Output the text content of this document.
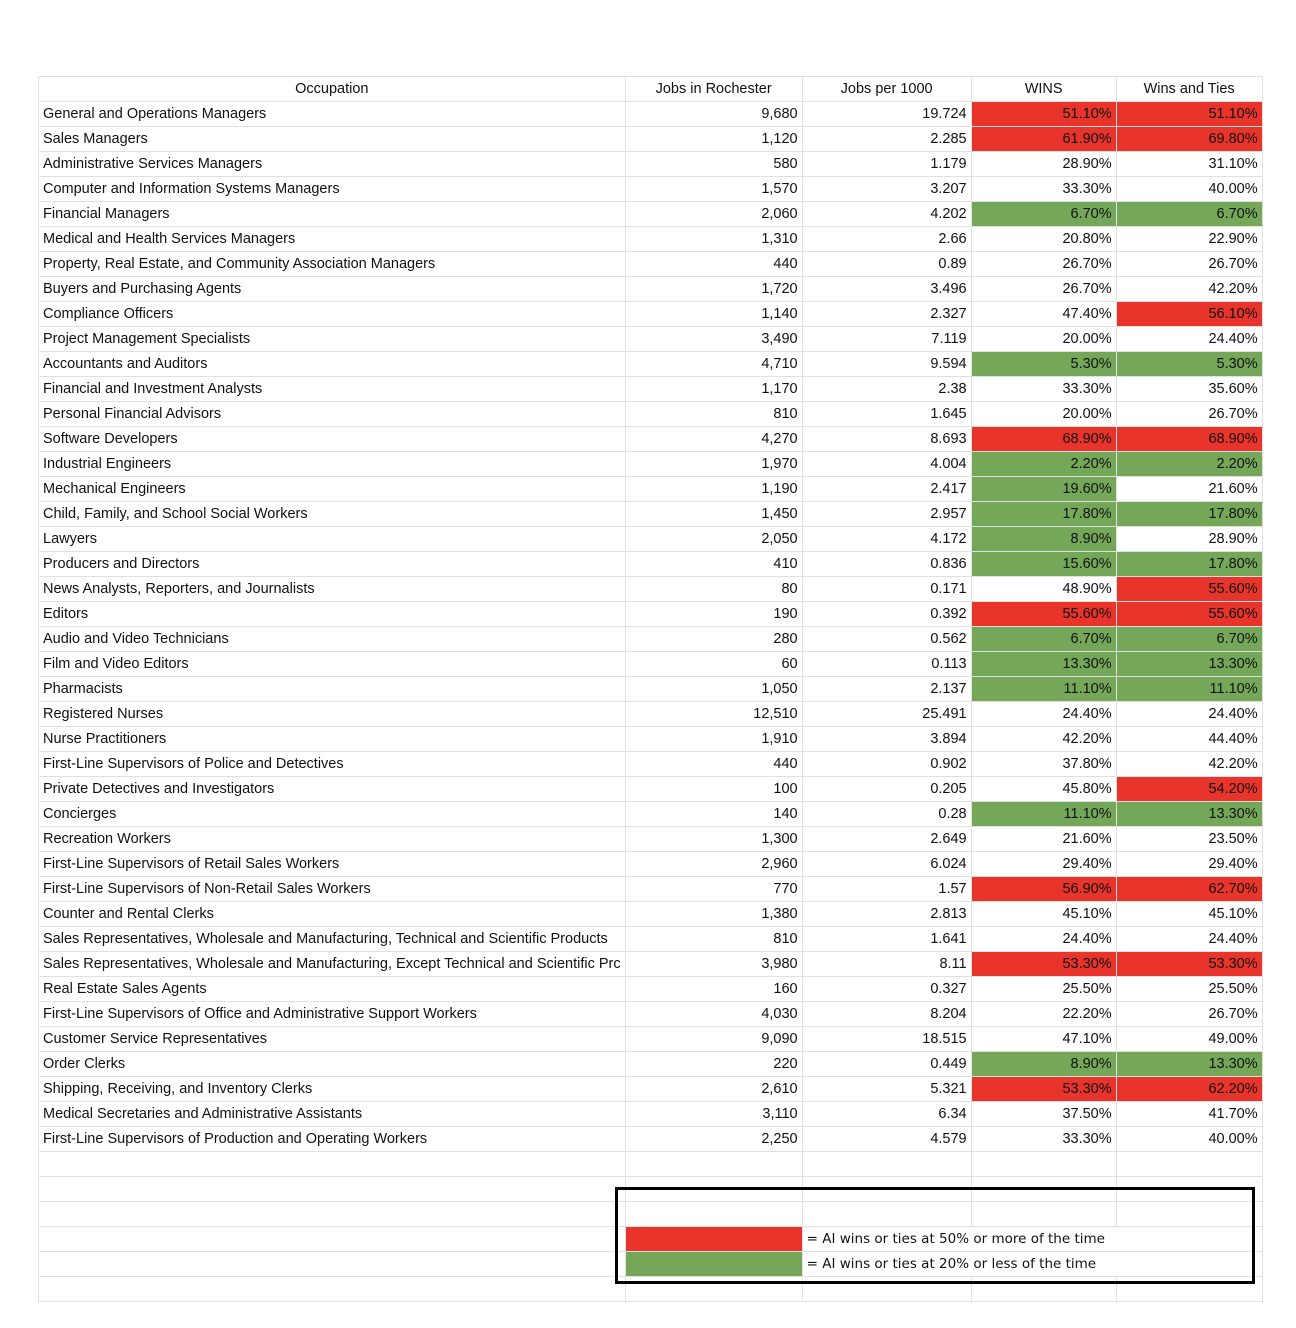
Occupation	Jobs in Rochester	Jobs per 1000	WINS	Wins and Ties
General and Operations Managers	9,680	19.724	51.10%	51.10%
Sales Managers	1,120	2.285	61.90%	69.80%
Administrative Services Managers	580	1.179	28.90%	31.10%
Computer and Information Systems Managers	1,570	3.207	33.30%	40.00%
Financial Managers	2,060	4.202	6.70%	6.70%
Medical and Health Services Managers	1,310	2.66	20.80%	22.90%
Property, Real Estate, and Community Association Managers	440	0.89	26.70%	26.70%
Buyers and Purchasing Agents	1,720	3.496	26.70%	42.20%
Compliance Officers	1,140	2.327	47.40%	56.10%
Project Management Specialists	3,490	7.119	20.00%	24.40%
Accountants and Auditors	4,710	9.594	5.30%	5.30%
Financial and Investment Analysts	1,170	2.38	33.30%	35.60%
Personal Financial Advisors	810	1.645	20.00%	26.70%
Software Developers	4,270	8.693	68.90%	68.90%
Industrial Engineers	1,970	4.004	2.20%	2.20%
Mechanical Engineers	1,190	2.417	19.60%	21.60%
Child, Family, and School Social Workers	1,450	2.957	17.80%	17.80%
Lawyers	2,050	4.172	8.90%	28.90%
Producers and Directors	410	0.836	15.60%	17.80%
News Analysts, Reporters, and Journalists	80	0.171	48.90%	55.60%
Editors	190	0.392	55.60%	55.60%
Audio and Video Technicians	280	0.562	6.70%	6.70%
Film and Video Editors	60	0.113	13.30%	13.30%
Pharmacists	1,050	2.137	11.10%	11.10%
Registered Nurses	12,510	25.491	24.40%	24.40%
Nurse Practitioners	1,910	3.894	42.20%	44.40%
First-Line Supervisors of Police and Detectives	440	0.902	37.80%	42.20%
Private Detectives and Investigators	100	0.205	45.80%	54.20%
Concierges	140	0.28	11.10%	13.30%
Recreation Workers	1,300	2.649	21.60%	23.50%
First-Line Supervisors of Retail Sales Workers	2,960	6.024	29.40%	29.40%
First-Line Supervisors of Non-Retail Sales Workers	770	1.57	56.90%	62.70%
Counter and Rental Clerks	1,380	2.813	45.10%	45.10%
Sales Representatives, Wholesale and Manufacturing, Technical and Scientific Products	810	1.641	24.40%	24.40%
Sales Representatives, Wholesale and Manufacturing, Except Technical and Scientific Prc	3,980	8.11	53.30%	53.30%
Real Estate Sales Agents	160	0.327	25.50%	25.50%
First-Line Supervisors of Office and Administrative Support Workers	4,030	8.204	22.20%	26.70%
Customer Service Representatives	9,090	18.515	47.10%	49.00%
Order Clerks	220	0.449	8.90%	13.30%
Shipping, Receiving, and Inventory Clerks	2,610	5.321	53.30%	62.20%
Medical Secretaries and Administrative Assistants	3,110	6.34	37.50%	41.70%
First-Line Supervisors of Production and Operating Workers	2,250	4.579	33.30%	40.00%

		= AI wins or ties at 50% or more of the time		
		= AI wins or ties at 20% or less of the time		
